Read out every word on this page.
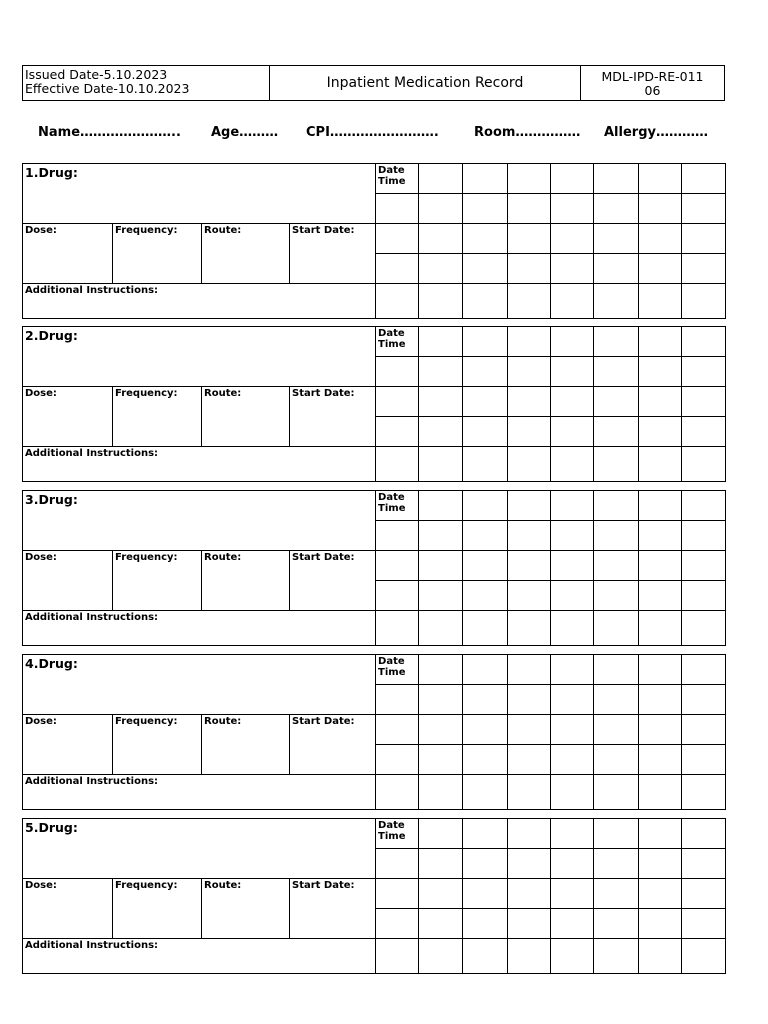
Issued Date-5.10.2023
Effective Date-10.10.2023	Inpatient Medication Record	MDL-IPD-RE-011
06
Name………………….. Age……… CPI…………………….	Room…………… Allergy…………
1.Drug:				Date
Time							

Dose:	Frequency:	Route:	Start Date:								

Additional Instructions:											
2.Drug:				Date
Time							

Dose:	Frequency:	Route:	Start Date:								

Additional Instructions:											
3.Drug:				Date
Time							

Dose:	Frequency:	Route:	Start Date:								

Additional Instructions:											
4.Drug:				Date
Time							

Dose:	Frequency:	Route:	Start Date:								

Additional Instructions:											
5.Drug:				Date
Time							

Dose:	Frequency:	Route:	Start Date:								

Additional Instructions:											
